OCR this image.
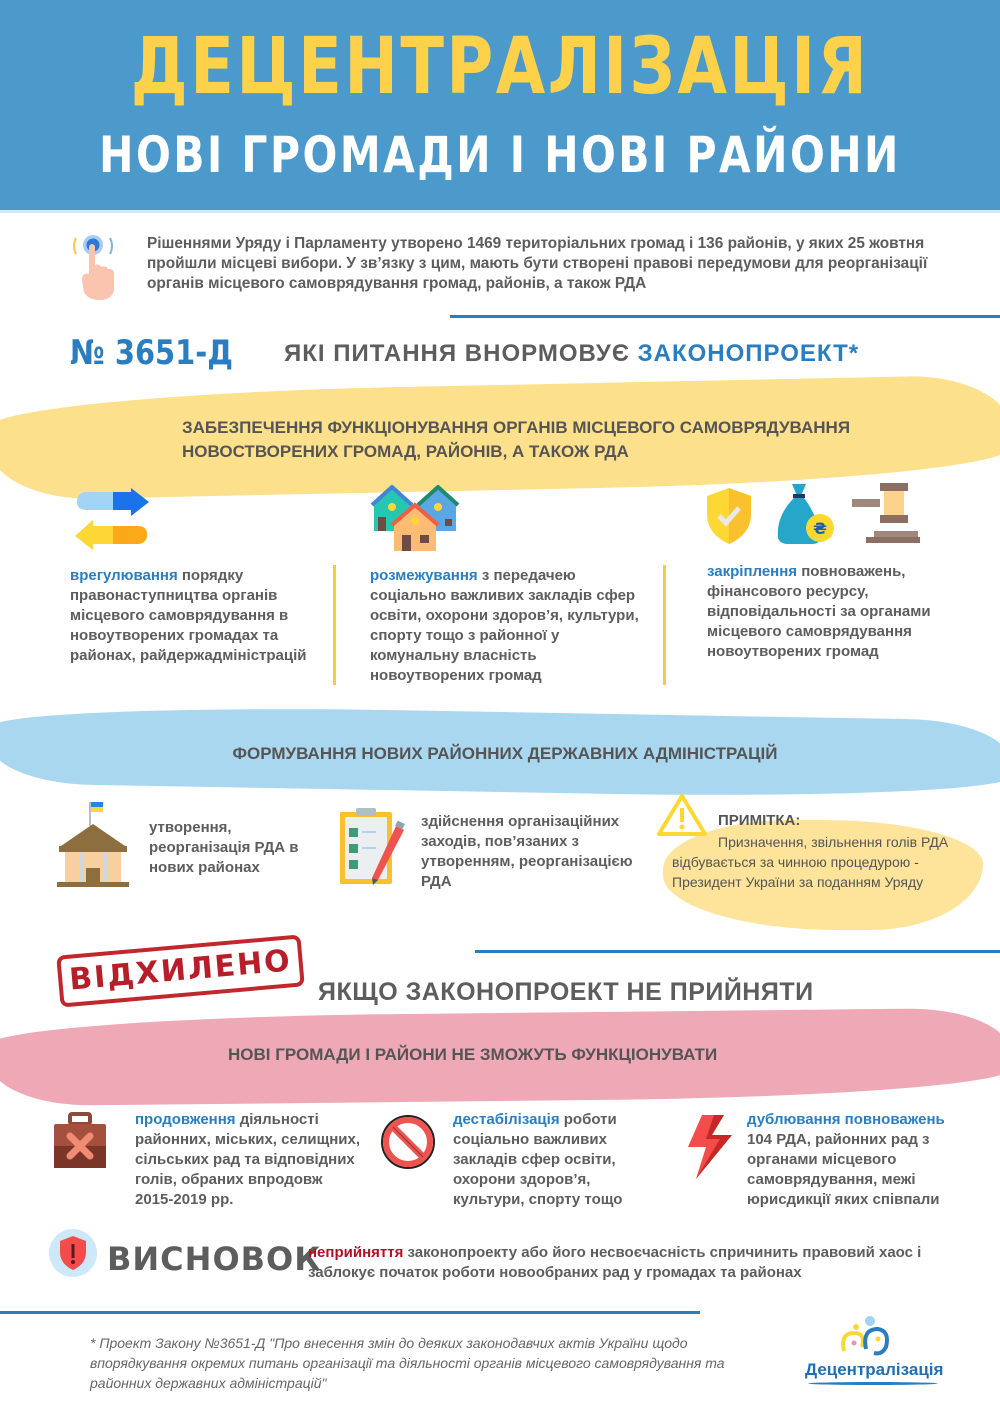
ДЕЦЕНТРАЛІЗАЦІЯ
НОВІ ГРОМАДИ І НОВІ РАЙОНИ
Рішеннями Уряду і Парламенту утворено 1469 територіальних громад і 136 районів, у яких 25 жовтня пройшли місцеві вибори. У зв’язку з цим, мають бути створені правові передумови для реорганізації органів місцевого самоврядування громад, районів, а також РДА
№ 3651-Д ЯКІ ПИТАННЯ ВНОРМОВУЄ ЗАКОНОПРОЕКТ*
ЗАБЕЗПЕЧЕННЯ ФУНКЦІОНУВАННЯ ОРГАНІВ МІСЦЕВОГО САМОВРЯДУВАННЯ
НОВОСТВОРЕНИХ ГРОМАД, РАЙОНІВ, А ТАКОЖ РДА
₴
врегулювання порядку правонаступництва органів місцевого самоврядування в новоутворених громадах та районах, райдержадміністрацій
розмежування з передачею соціально важливих закладів сфер освіти, охорони здоров’я, культури, спорту тощо з районної у комунальну власність новоутворених громад
закріплення повноважень, фінансового ресурсу, відповідальності за органами місцевого самоврядування новоутворених громад
ФОРМУВАННЯ НОВИХ РАЙОННИХ ДЕРЖАВНИХ АДМІНІСТРАЦІЙ
утворення, реорганізація РДА в нових районах
здійснення організаційних заходів, пов’язаних з утворенням, реорганізацією РДА
ПРИМІТКА:
Призначення, звільнення голів РДА відбувається за чинною процедурою - Президент України за поданням Уряду
ВІДХИЛЕНО ЯКЩО ЗАКОНОПРОЕКТ НЕ ПРИЙНЯТИ
НОВІ ГРОМАДИ І РАЙОНИ НЕ ЗМОЖУТЬ ФУНКЦІОНУВАТИ
продовження діяльності районних, міських, селищних, сільських рад та відповідних голів, обраних впродовж 2015-2019 рр.
дестабілізація роботи соціально важливих закладів сфер освіти, охорони здоров’я, культури, спорту тощо
дублювання повноважень 104 РДА, районних рад з органами місцевого самоврядування, межі юрисдикції яких співпали
ВИСНОВОК
неприйняття законопроекту або його несвоєчасність спричинить правовий хаос і заблокує початок роботи новообраних рад у громадах та районах
* Проект Закону №3651-Д "Про внесення змін до деяких законодавчих актів України щодо впорядкування окремих питань організації та діяльності органів місцевого самоврядування та районних державних адміністрацій"
Децентралізація
